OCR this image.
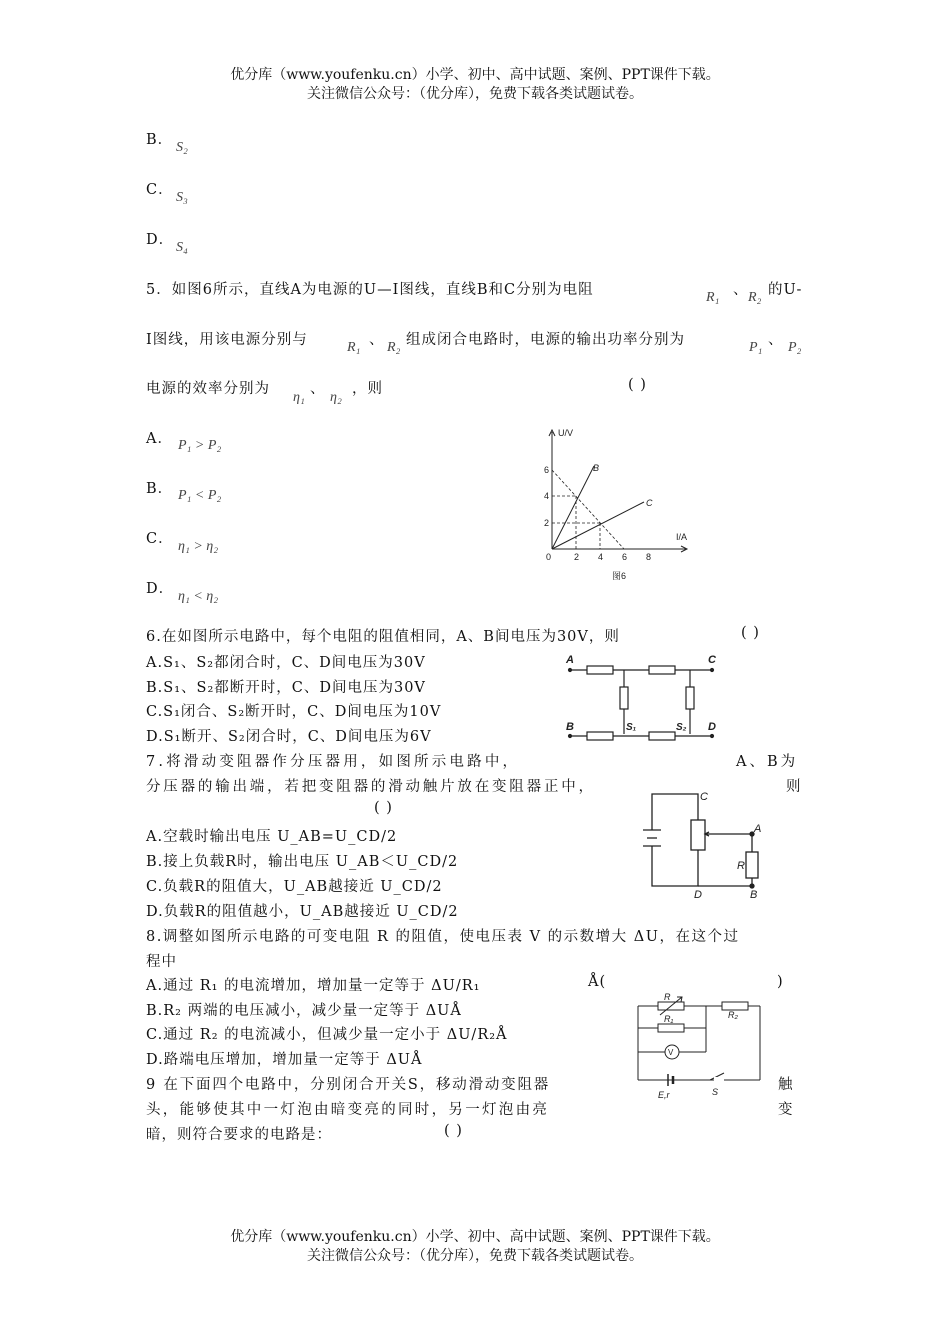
优分库（www.youfenku.cn）小学、初中、高中试题、案例、PPT课件下载。
关注微信公众号：（优分库），免费下载各类试题试卷。
B． S₂
C． S₃
D． S₄
5．如图6所示，直线A为电源的U—I图线，直线B和C分别为电阻	R₁ 、 R₂ 的U-
I图线，用该电源分别与	R₁ 、 R₂ 组成闭合电路时，电源的输出功率分别为	P₁ 、 P₂
电源的效率分别为
η₁
、
η₂
，则	( )
A． P₁ > P₂
B． P₁ < P₂
C． η₁ > η₂
D． η₁ < η₂
U/V
I/A
0
2
4
6
2 4 6 8
B
C
图6
6.在如图所示电路中，每个电阻的阻值相同，A、B间电压为30V，则	( )
A.S₁、S₂都闭合时，C、D间电压为30V
B.S₁、S₂都断开时，C、D间电压为30V
C.S₁闭合、S₂断开时，C、D间电压为10V
D.S₁断开、S₂闭合时，C、D间电压为6V
A	C
B	D
S₁	S₂
7.将滑动变阻器作分压器用，如图所示电路中，	A、B为
分压器的输出端，若把变阻器的滑动触片放在变阻器正中，	则
( )
A.空载时输出电压 U_AB=U_CD/2
B.接上负载R时，输出电压 U_AB＜U_CD/2
C.负载R的阻值大，U_AB越接近 U_CD/2
D.负载R的阻值越小，U_AB越接近 U_CD/2
C
A
R
D	B
8.调整如图所示电路的可变电阻 R 的阻值，使电压表 V 的示数增大 ΔU，在这个过
程中
A.通过 R₁ 的电流增加，增加量一定等于 ΔU/R₁	Å(	)
B.R₂ 两端的电压减小，减少量一定等于 ΔUÅ
C.通过 R₂ 的电流减小，但减少量一定小于 ΔU/R₂Å
D.路端电压增加，增加量一定等于 ΔUÅ
R
R₁
V
R₂
E,r	S
9 在下面四个电路中，分别闭合开关S，移动滑动变阻器	触
头，能够使其中一灯泡由暗变亮的同时，另一灯泡由亮	变
暗，则符合要求的电路是：	( )
优分库（www.youfenku.cn）小学、初中、高中试题、案例、PPT课件下载。
关注微信公众号：（优分库），免费下载各类试题试卷。
